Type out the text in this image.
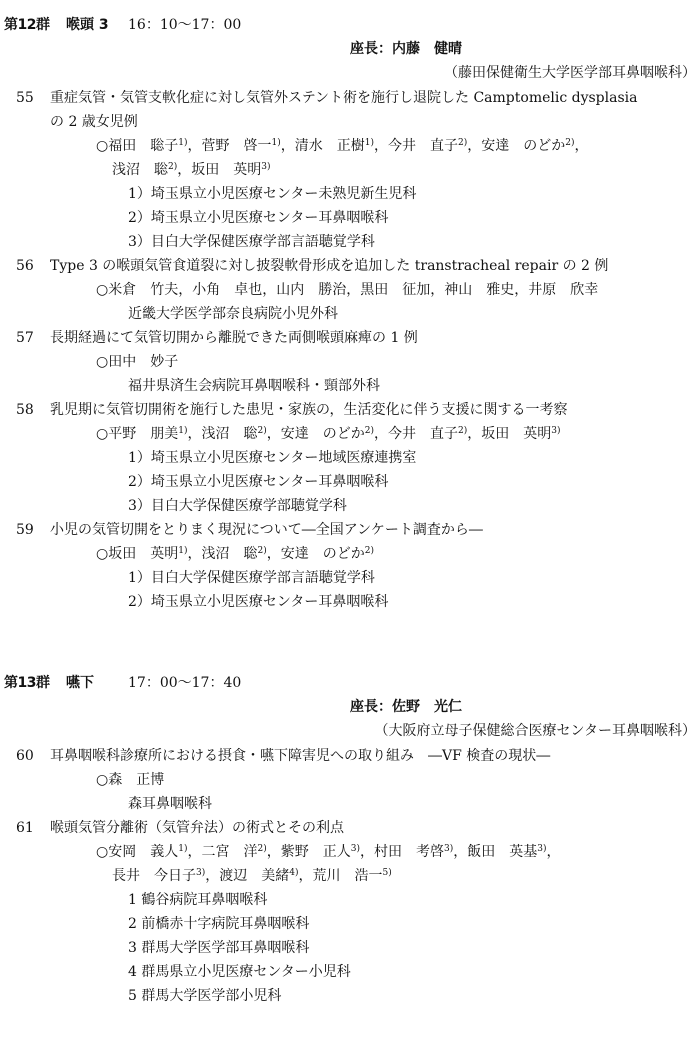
第12群 喉頭 3 16：10～17：00
座長：内藤　健晴
（藤田保健衛生大学医学部耳鼻咽喉科）
55	重症気管・気管支軟化症に対し気管外ステント術を施行し退院した Camptomelic dysplasia
の 2 歳女児例
○福田　聡子$^{1)}$，菅野　啓一$^{1)}$，清水　正樹$^{1)}$，今井　直子$^{2)}$，安達　のどか$^{2)}$，
浅沼　聡$^{2)}$，坂田　英明$^{3)}$
1）埼玉県立小児医療センター未熟児新生児科
2）埼玉県立小児医療センター耳鼻咽喉科
3）目白大学保健医療学部言語聴覚学科
56	Type 3 の喉頭気管食道裂に対し披裂軟骨形成を追加した transtracheal repair の 2 例
○米倉　竹夫，小角　卓也，山内　勝治，黒田　征加，神山　雅史，井原　欣幸
近畿大学医学部奈良病院小児外科
57	長期経過にて気管切開から離脱できた両側喉頭麻痺の 1 例
○田中　妙子
福井県済生会病院耳鼻咽喉科・頸部外科
58	乳児期に気管切開術を施行した患児・家族の，生活変化に伴う支援に関する一考察
○平野　朋美$^{1)}$，浅沼　聡$^{2)}$，安達　のどか$^{2)}$，今井　直子$^{2)}$，坂田　英明$^{3)}$
1）埼玉県立小児医療センター地域医療連携室
2）埼玉県立小児医療センター耳鼻咽喉科
3）目白大学保健医療学部聴覚学科
59	小児の気管切開をとりまく現況について―全国アンケート調査から―
○坂田　英明$^{1)}$，浅沼　聡$^{2)}$，安達　のどか$^{2)}$
1）目白大学保健医療学部言語聴覚学科
2）埼玉県立小児医療センター耳鼻咽喉科
第13群 嚥下 17：00～17：40
座長：佐野　光仁
（大阪府立母子保健総合医療センター耳鼻咽喉科）
60	耳鼻咽喉科診療所における摂食・嚥下障害児への取り組み　―VF 検査の現状―
○森　正博
森耳鼻咽喉科
61	喉頭気管分離術（気管弁法）の術式とその利点
○安岡　義人$^{1)}$，二宮　洋$^{2)}$，紫野　正人$^{3)}$，村田　考啓$^{3)}$，飯田　英基$^{3)}$，
長井　今日子$^{3)}$，渡辺　美緒$^{4)}$，荒川　浩一$^{5)}$
1 鶴谷病院耳鼻咽喉科
2 前橋赤十字病院耳鼻咽喉科
3 群馬大学医学部耳鼻咽喉科
4 群馬県立小児医療センター小児科
5 群馬大学医学部小児科
